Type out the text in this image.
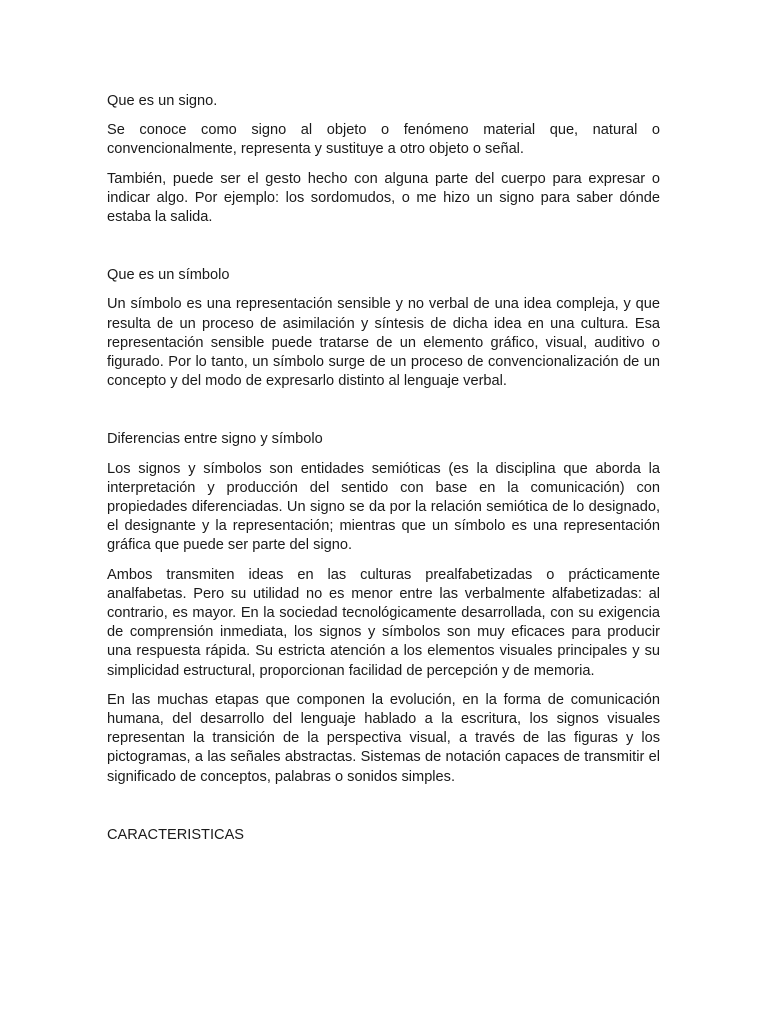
Que es un signo.

Se conoce como signo al objeto o fenómeno material que, natural o convencionalmente, representa y sustituye a otro objeto o señal.

También, puede ser el gesto hecho con alguna parte del cuerpo para expresar o indicar algo. Por ejemplo: los sordomudos, o me hizo un signo para saber dónde estaba la salida.

Que es un símbolo

Un símbolo es una representación sensible y no verbal de una idea compleja, y que resulta de un proceso de asimilación y síntesis de dicha idea en una cultura. Esa representación sensible puede tratarse de un elemento gráfico, visual, auditivo o figurado. Por lo tanto, un símbolo surge de un proceso de convencionalización de un concepto y del modo de expresarlo distinto al lenguaje verbal.

Diferencias entre signo y símbolo

Los signos y símbolos son entidades semióticas (es la disciplina que aborda la interpretación y producción del sentido con base en la comunicación) con propiedades diferenciadas. Un signo se da por la relación semiótica de lo designado, el designante y la representación; mientras que un símbolo es una representación gráfica que puede ser parte del signo.

Ambos transmiten ideas en las culturas prealfabetizadas o prácticamente analfabetas. Pero su utilidad no es menor entre las verbalmente alfabetizadas: al contrario, es mayor. En la sociedad tecnológicamente desarrollada, con su exigencia de comprensión inmediata, los signos y símbolos son muy eficaces para producir una respuesta rápida. Su estricta atención a los elementos visuales principales y su simplicidad estructural, proporcionan facilidad de percepción y de memoria.

En las muchas etapas que componen la evolución, en la forma de comunicación humana, del desarrollo del lenguaje hablado a la escritura, los signos visuales representan la transición de la perspectiva visual, a través de las figuras y los pictogramas, a las señales abstractas. Sistemas de notación capaces de transmitir el significado de conceptos, palabras o sonidos simples.

CARACTERISTICAS
